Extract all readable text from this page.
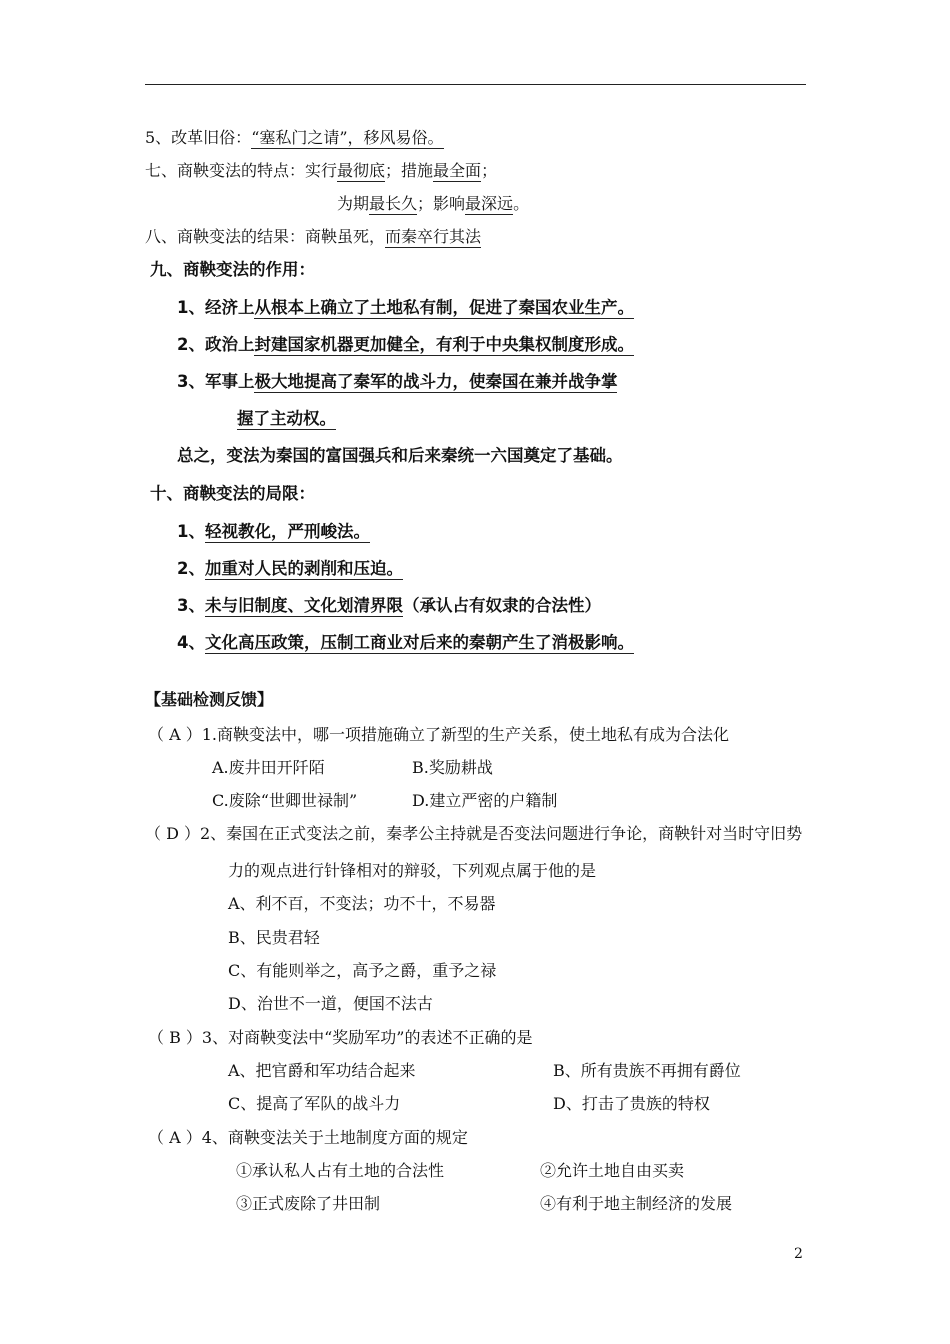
5、改革旧俗：“塞私门之请”，移风易俗。
七、商鞅变法的特点：实行最彻底；措施最全面；
为期最长久；影响最深远。
八、商鞅变法的结果：商鞅虽死，而秦卒行其法
九、商鞅变法的作用：
1、经济上从根本上确立了土地私有制，促进了秦国农业生产。
2、政治上封建国家机器更加健全，有利于中央集权制度形成。
3、军事上极大地提高了秦军的战斗力，使秦国在兼并战争掌
握了主动权。
总之，变法为秦国的富国强兵和后来秦统一六国奠定了基础。
十、商鞅变法的局限：
1、轻视教化，严刑峻法。
2、加重对人民的剥削和压迫。
3、未与旧制度、文化划清界限（承认占有奴隶的合法性）
4、文化高压政策，压制工商业对后来的秦朝产生了消极影响。
【基础检测反馈】
（ A ）1.商鞅变法中，哪一项措施确立了新型的生产关系，使土地私有成为合法化
A.废井田开阡陌	B.奖励耕战
C.废除“世卿世禄制”	D.建立严密的户籍制
（ D ）2、秦国在正式变法之前，秦孝公主持就是否变法问题进行争论，商鞅针对当时守旧势
力的观点进行针锋相对的辩驳，下列观点属于他的是
A、利不百，不变法；功不十，不易器
B、民贵君轻
C、有能则举之，高予之爵，重予之禄
D、治世不一道，便国不法古
（ B ）3、对商鞅变法中“奖励军功”的表述不正确的是
A、把官爵和军功结合起来	B、所有贵族不再拥有爵位
C、提高了军队的战斗力	D、打击了贵族的特权
（ A ）4、商鞅变法关于土地制度方面的规定
①承认私人占有土地的合法性	②允许土地自由买卖
③正式废除了井田制	④有利于地主制经济的发展
2
